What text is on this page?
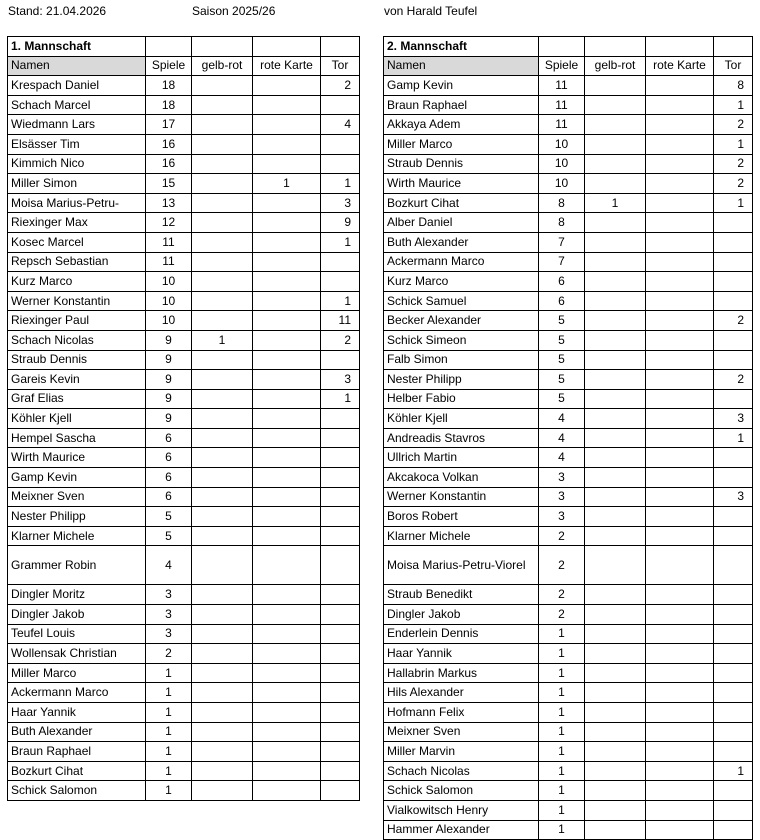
Stand: 21.04.2026	Saison 2025/26	von Harald Teufel
1. Mannschaft				
Namen	Spiele	gelb-rot	rote Karte	Tor
Krespach Daniel	18			2
Schach Marcel	18			
Wiedmann Lars	17			4
Elsässer Tim	16			
Kimmich Nico	16			
Miller Simon	15		1	1
Moisa Marius-Petru-	13			3
Riexinger Max	12			9
Kosec Marcel	11			1
Repsch Sebastian	11			
Kurz Marco	10			
Werner Konstantin	10			1
Riexinger Paul	10			11
Schach Nicolas	9	1		2
Straub Dennis	9			
Gareis Kevin	9			3
Graf Elias	9			1
Köhler Kjell	9			
Hempel Sascha	6			
Wirth Maurice	6			
Gamp Kevin	6			
Meixner Sven	6			
Nester Philipp	5			
Klarner Michele	5			
Grammer Robin	4			
Dingler Moritz	3			
Dingler Jakob	3			
Teufel Louis	3			
Wollensak Christian	2			
Miller Marco	1			
Ackermann Marco	1			
Haar Yannik	1			
Buth Alexander	1			
Braun Raphael	1			
Bozkurt Cihat	1			
Schick Salomon	1			
2. Mannschaft				
Namen	Spiele	gelb-rot	rote Karte	Tor
Gamp Kevin	11			8
Braun Raphael	11			1
Akkaya Adem	11			2
Miller Marco	10			1
Straub Dennis	10			2
Wirth Maurice	10			2
Bozkurt Cihat	8	1		1
Alber Daniel	8			
Buth Alexander	7			
Ackermann Marco	7			
Kurz Marco	6			
Schick Samuel	6			
Becker Alexander	5			2
Schick Simeon	5			
Falb Simon	5			
Nester Philipp	5			2
Helber Fabio	5			
Köhler Kjell	4			3
Andreadis Stavros	4			1
Ullrich Martin	4			
Akcakoca Volkan	3			
Werner Konstantin	3			3
Boros Robert	3			
Klarner Michele	2			
Moisa Marius-Petru-Viorel	2			
Straub Benedikt	2			
Dingler Jakob	2			
Enderlein Dennis	1			
Haar Yannik	1			
Hallabrin Markus	1			
Hils Alexander	1			
Hofmann Felix	1			
Meixner Sven	1			
Miller Marvin	1			
Schach Nicolas	1			1
Schick Salomon	1			
Vialkowitsch Henry	1			
Hammer Alexander	1			
